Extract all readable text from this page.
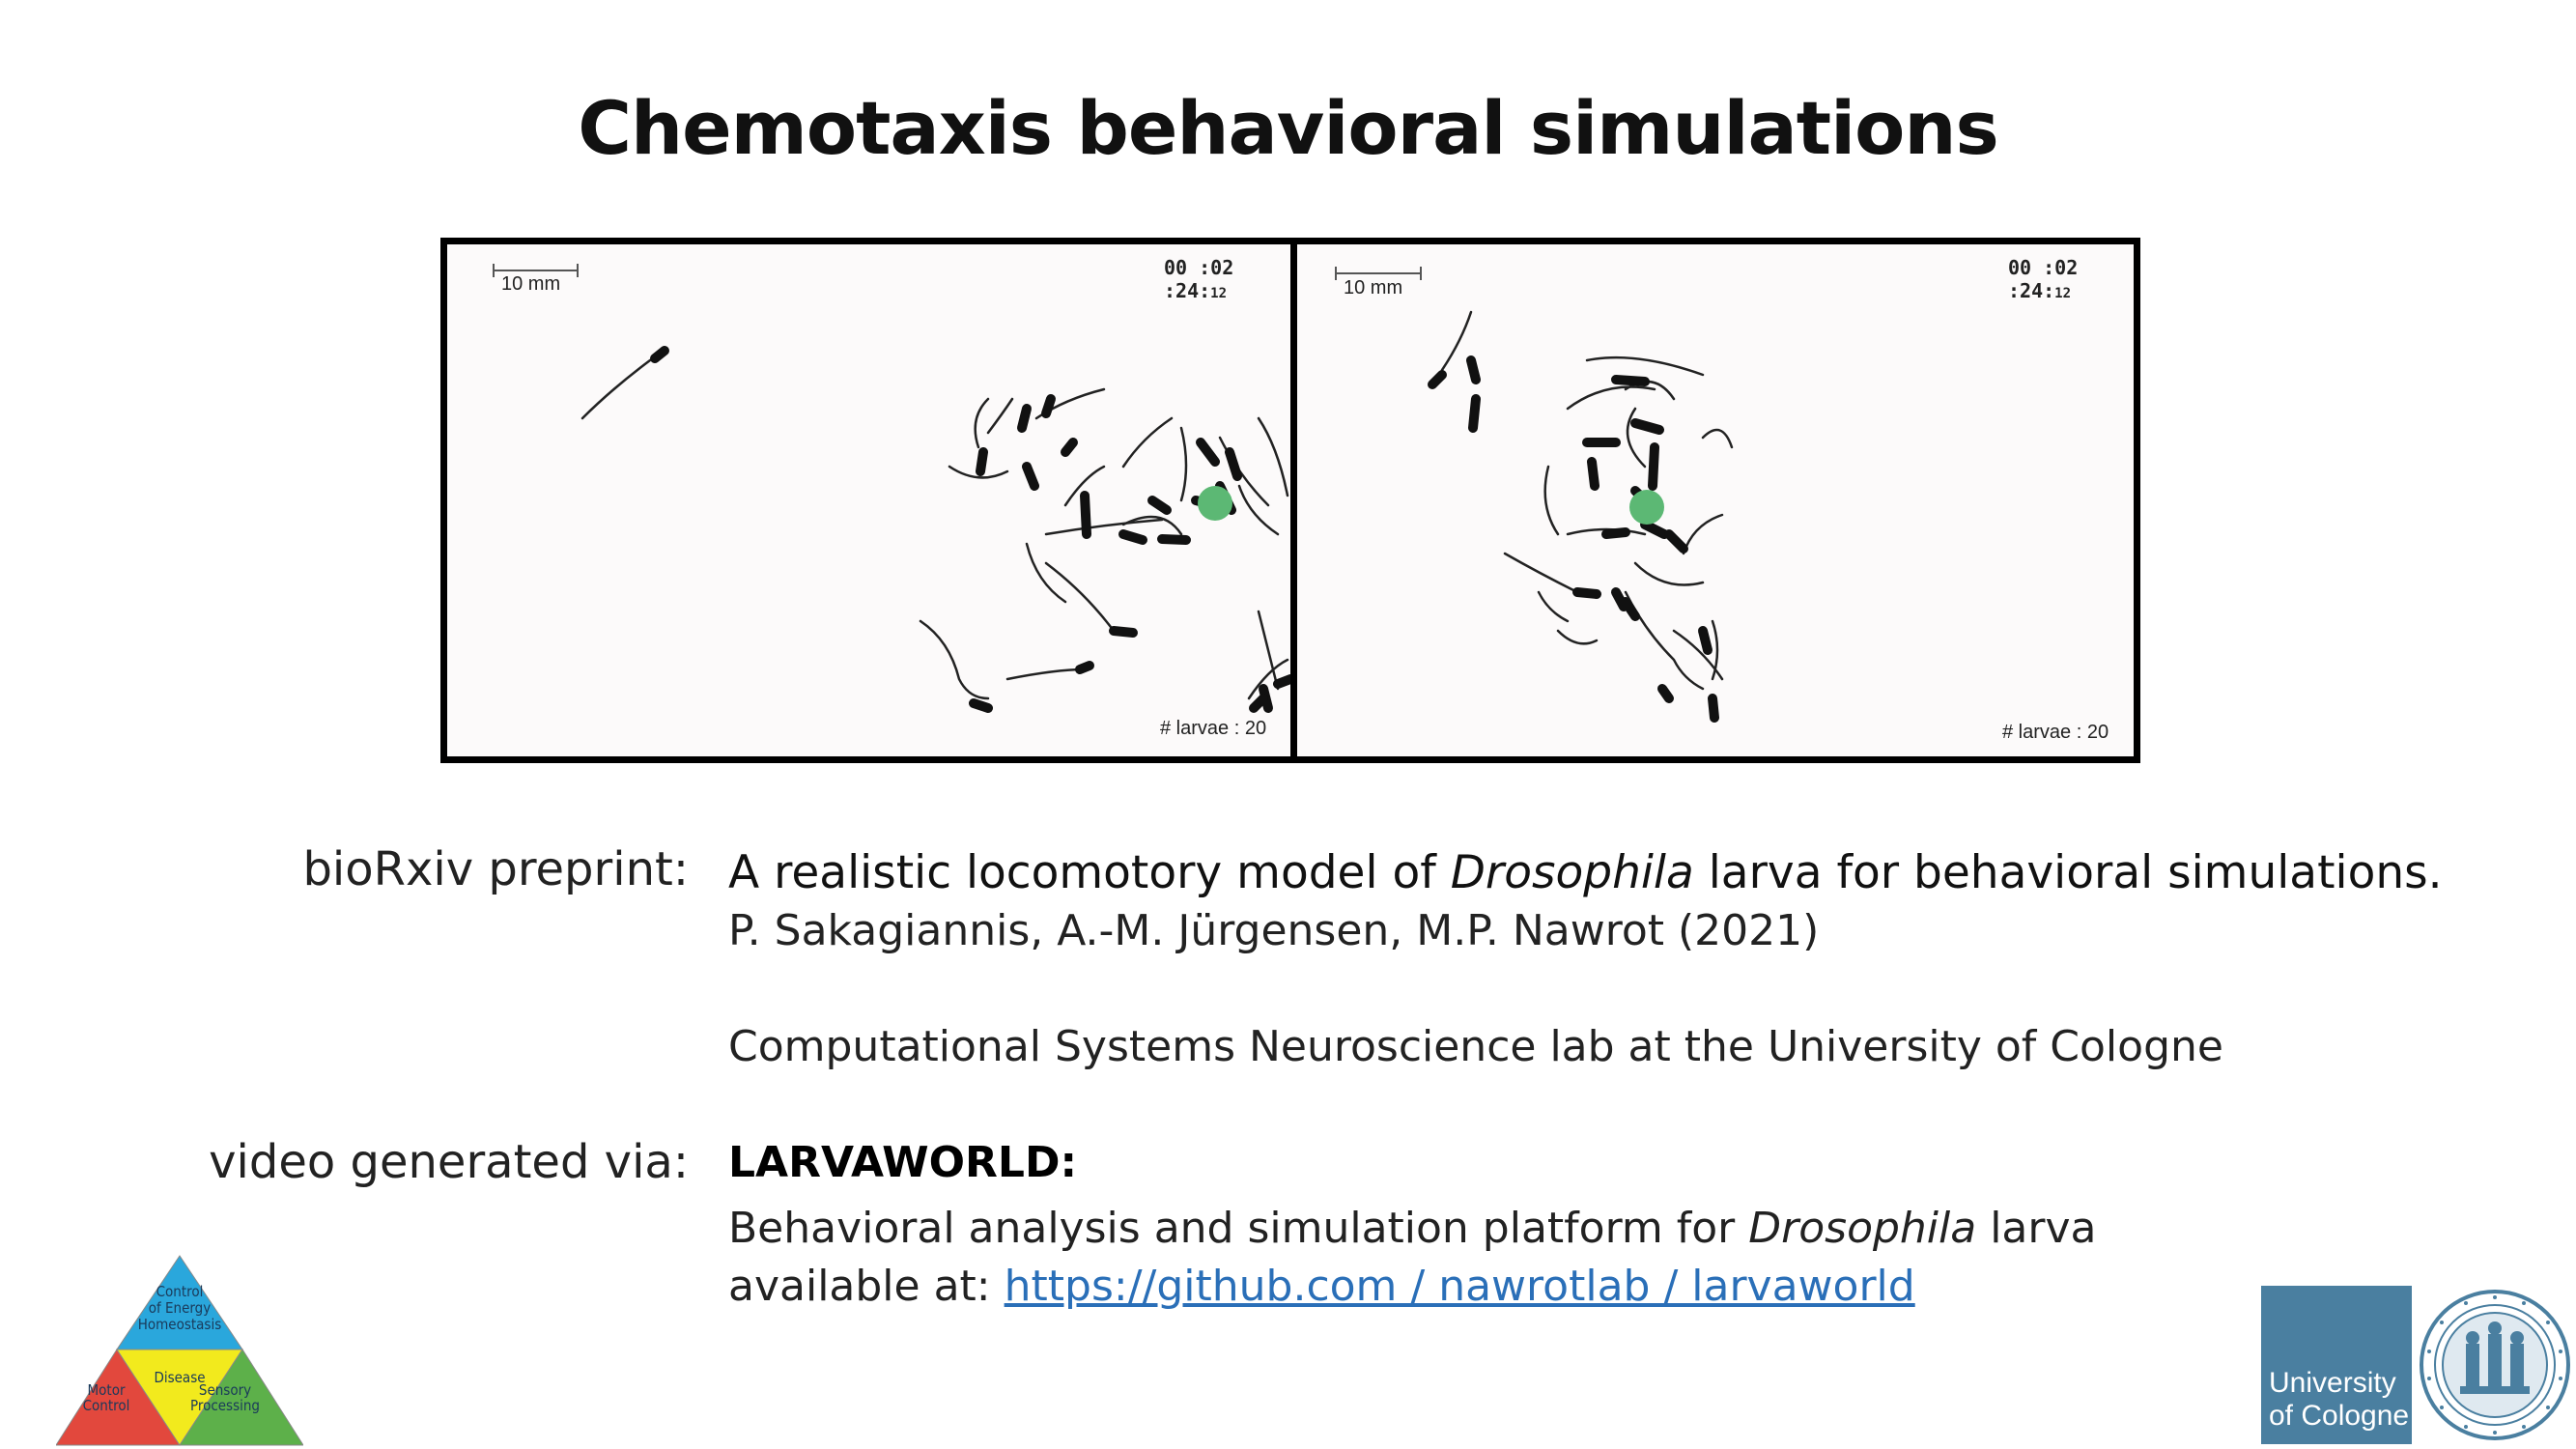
Chemotaxis behavioral simulations
10 mm
00 :02 :24:12
# larvae : 20
10 mm
00 :02 :24:12
# larvae : 20
bioRxiv preprint: A realistic locomotory model of Drosophila larva for behavioral simulations.
P. Sakagiannis, A.-M. Jürgensen, M.P. Nawrot (2021)
Computational Systems Neuroscience lab at the University of Cologne
video generated via: LARVAWORLD:
Behavioral analysis and simulation platform for Drosophila larva
available at: https://github.com / nawrotlab / larvaworld
Control
of Energy
Homeostasis
Disease
Motor
Control
Sensory
Processing
University
of Cologne
